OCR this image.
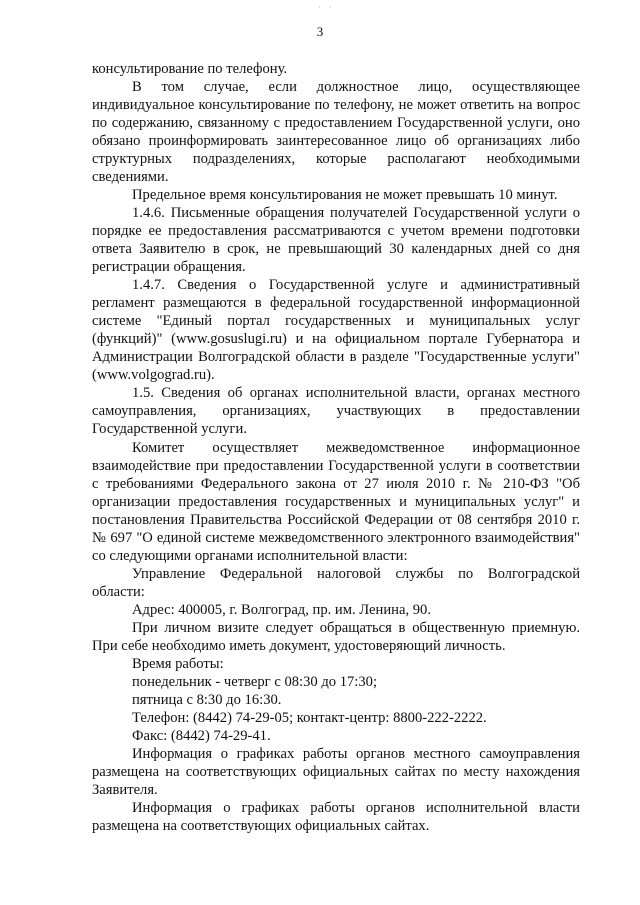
· ·
3

консультирование по телефону.

В том случае, если должностное лицо, осуществляющее индивидуальное консультирование по телефону, не может ответить на вопрос по содержанию, связанному с предоставлением Государственной услуги, оно обязано проинформировать заинтересованное лицо об организациях либо структурных подразделениях, которые располагают необходимыми сведениями.

Предельное время консультирования не может превышать 10 минут.

1.4.6. Письменные обращения получателей Государственной услуги о порядке ее предоставления рассматриваются с учетом времени подготовки ответа Заявителю в срок, не превышающий 30 календарных дней со дня регистрации обращения.

1.4.7. Сведения о Государственной услуге и административный регламент размещаются в федеральной государственной информационной системе "Единый портал государственных и муниципальных услуг (функций)" (www.gosuslugi.ru) и на официальном портале Губернатора и Администрации Волгоградской области в разделе "Государственные услуги" (www.volgograd.ru).

1.5. Сведения об органах исполнительной власти, органах местного самоуправления, организациях, участвующих в предоставлении Государственной услуги.

Комитет осуществляет межведомственное информационное взаимодействие при предоставлении Государственной услуги в соответствии с требованиями Федерального закона от 27 июля 2010 г. № 210-ФЗ "Об организации предоставления государственных и муниципальных услуг" и постановления Правительства Российской Федерации от 08 сентября 2010 г. № 697 "О единой системе межведомственного электронного взаимодействия" со следующими органами исполнительной власти:

Управление Федеральной налоговой службы по Волгоградской области:

Адрес: 400005, г. Волгоград, пр. им. Ленина, 90.

При личном визите следует обращаться в общественную приемную. При себе необходимо иметь документ, удостоверяющий личность.

Время работы:

понедельник - четверг с 08:30 до 17:30;

пятница с 8:30 до 16:30.

Телефон: (8442) 74-29-05; контакт-центр: 8800-222-2222.

Факс: (8442) 74-29-41.

Информация о графиках работы органов местного самоуправления размещена на соответствующих официальных сайтах по месту нахождения Заявителя.

Информация о графиках работы органов исполнительной власти размещена на соответствующих официальных сайтах.
